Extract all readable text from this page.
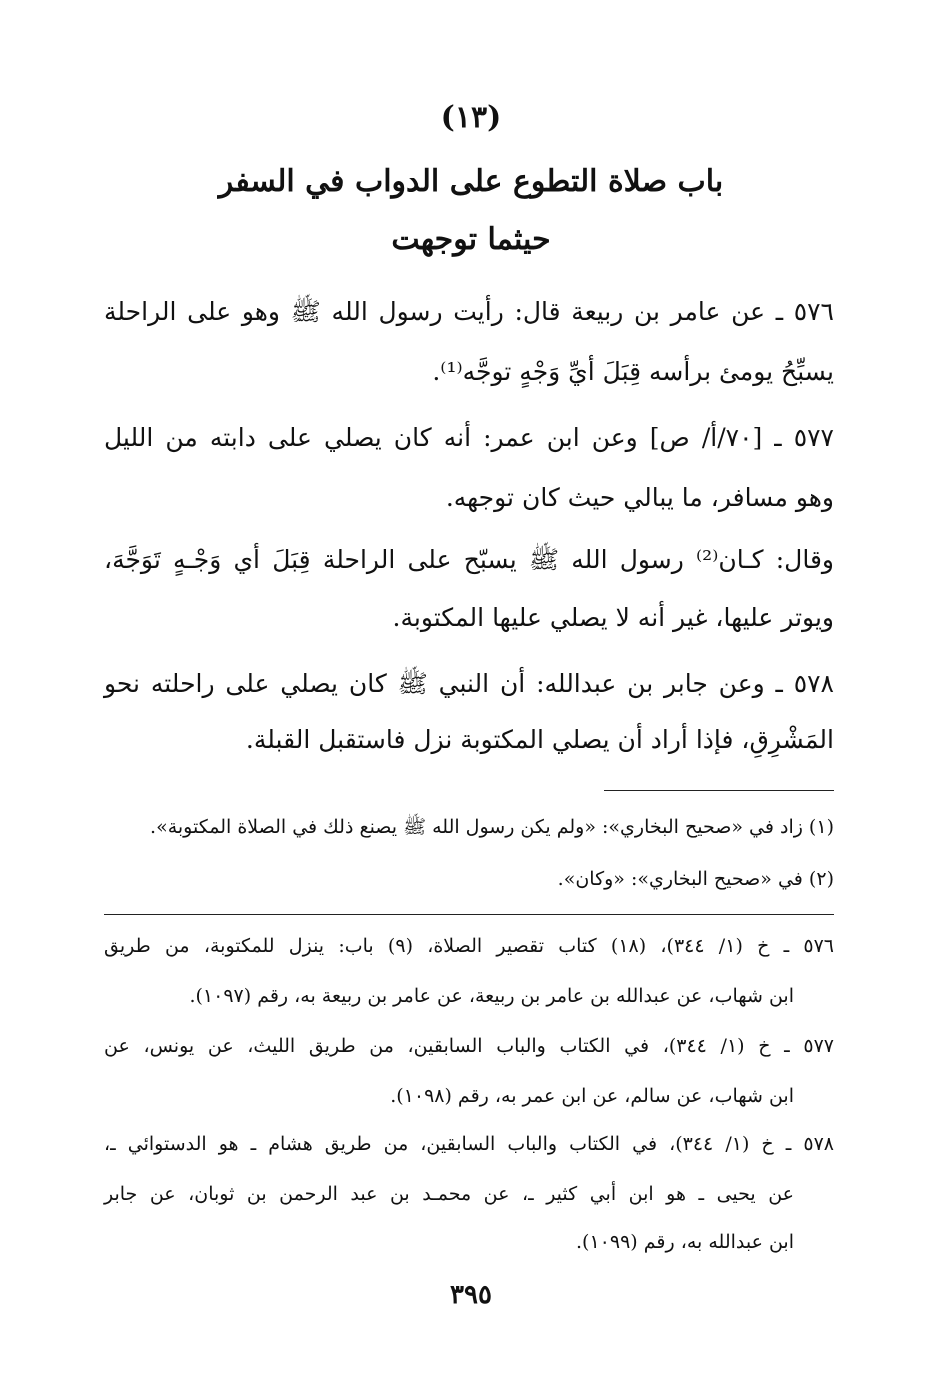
(١٣)
باب صلاة التطوع على الدواب في السفر
حيثما توجهت
٥٧٦ ـ عن عامر بن ربيعة قال: رأيت رسول الله ﷺ وهو على الراحلة
يسبِّحُ يومئ برأسه قِبَلَ أيِّ وَجْهٍ توجَّه⁽¹⁾.
٥٧٧ ـ [٧٠/أ/ ص] وعن ابن عمر: أنه كان يصلي على دابته من الليل
وهو مسافر، ما يبالي حيث كان توجهه.
وقال: كـان⁽²⁾ رسول الله ﷺ يسبّح على الراحلة قِبَلَ أي وَجْـهٍ تَوَجَّهَ،
ويوتر عليها، غير أنه لا يصلي عليها المكتوبة.
٥٧٨ ـ وعن جابر بن عبدالله: أن النبي ﷺ كان يصلي على راحلته نحو
المَشْرِقِ، فإذا أراد أن يصلي المكتوبة نزل فاستقبل القبلة.
(١) زاد في «صحيح البخاري»: «ولم يكن رسول الله ﷺ يصنع ذلك في الصلاة المكتوبة».
(٢) في «صحيح البخاري»: «وكان».
٥٧٦ ـ خ (١/ ٣٤٤)، (١٨) كتاب تقصير الصلاة، (٩) باب: ينزل للمكتوبة، من طريق
ابن شهاب، عن عبدالله بن عامر بن ربيعة، عن عامر بن ربيعة به، رقم (١٠٩٧).
٥٧٧ ـ خ (١/ ٣٤٤)، في الكتاب والباب السابقين، من طريق الليث، عن يونس، عن
ابن شهاب، عن سالم، عن ابن عمر به، رقم (١٠٩٨).
٥٧٨ ـ خ (١/ ٣٤٤)، في الكتاب والباب السابقين، من طريق هشام ـ هو الدستوائي ـ،
عن يحيى ـ هو ابن أبي كثير ـ، عن محمـد بن عبد الرحمن بن ثوبان، عن جابر
ابن عبدالله به، رقم (١٠٩٩).
٣٩٥
